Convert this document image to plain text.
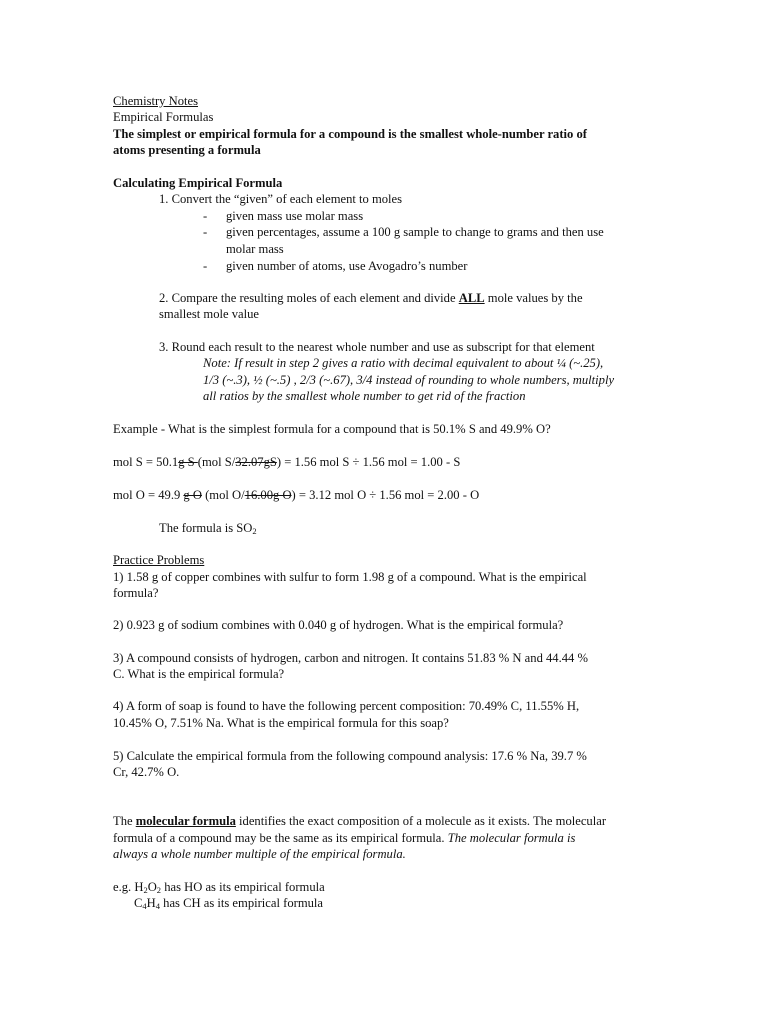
Chemistry Notes
Empirical Formulas
The simplest or empirical formula for a compound is the smallest whole-number ratio of
atoms presenting a formula
Calculating Empirical Formula
1. Convert the “given” of each element to moles
- given mass use molar mass
- given percentages, assume a 100 g sample to change to grams and then use
molar mass
- given number of atoms, use Avogadro’s number
2. Compare the resulting moles of each element and divide ALL mole values by the
smallest mole value
3. Round each result to the nearest whole number and use as subscript for that element
Note: If result in step 2 gives a ratio with decimal equivalent to about ¼ (~.25),
1/3 (~.3), ½ (~.5) , 2/3 (~.67), 3/4 instead of rounding to whole numbers, multiply
all ratios by the smallest whole number to get rid of the fraction
Example - What is the simplest formula for a compound that is 50.1% S and 49.9% O?
mol S = 50.1g S (mol S/32.07gS) = 1.56 mol S ÷ 1.56 mol = 1.00 - S
mol O = 49.9 g O (mol O/16.00g O) = 3.12 mol O ÷ 1.56 mol = 2.00 - O
The formula is $SO_2$
Practice Problems
1) 1.58 g of copper combines with sulfur to form 1.98 g of a compound. What is the empirical
formula?
2) 0.923 g of sodium combines with 0.040 g of hydrogen. What is the empirical formula?
3) A compound consists of hydrogen, carbon and nitrogen. It contains 51.83 % N and 44.44 %
C. What is the empirical formula?
4) A form of soap is found to have the following percent composition: 70.49% C, 11.55% H,
10.45% O, 7.51% Na. What is the empirical formula for this soap?
5) Calculate the empirical formula from the following compound analysis: 17.6 % Na, 39.7 %
Cr, 42.7% O.
The molecular formula identifies the exact composition of a molecule as it exists. The molecular
formula of a compound may be the same as its empirical formula. The molecular formula is
always a whole number multiple of the empirical formula.
e.g. $H_2O_2$ has HO as its empirical formula
$C_4H_4$ has CH as its empirical formula
